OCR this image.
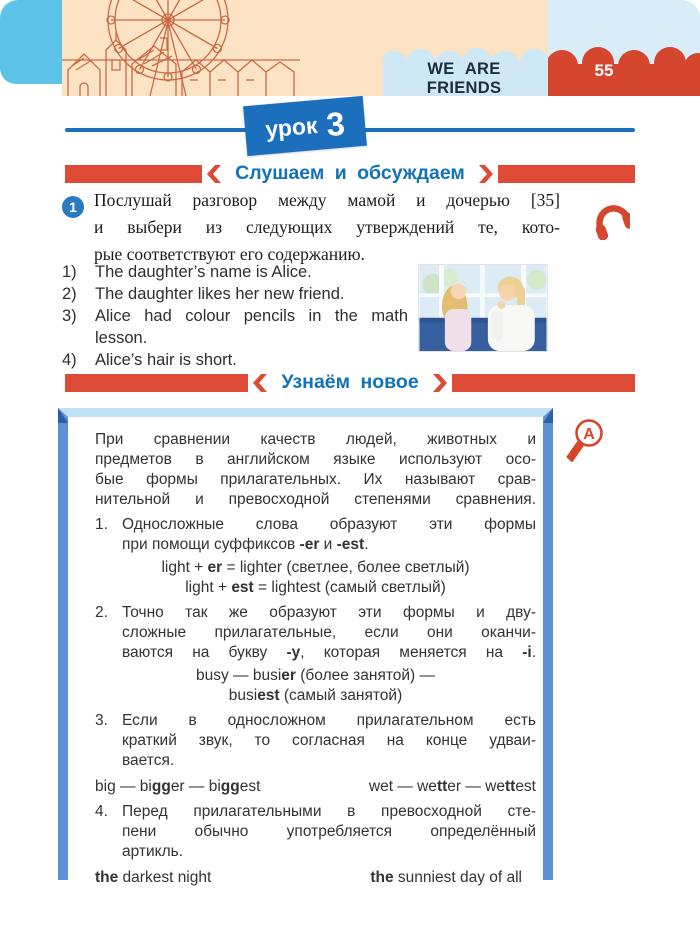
WE ARE FRIENDS
55
урок 3
Слушаем и обсуждаем
1 Послушай разговор между мамой и дочерью [35]
и выбери из следующих утверждений те, кото-
рые соответствуют его содержанию.
1)	The daughter’s name is Alice.
2)	The daughter likes her new friend.
3)	Alice had colour pencils in the math
lesson.
4)	Alice’s hair is short.
Узнаём новое
A
При сравнении качеств людей, животных и
предметов в английском языке используют осо-
бые формы прилагательных. Их называют срав-
нительной и превосходной степенями сравнения.
1. Односложные слова образуют эти формы
при помощи суффиксов -er и -est.
light + er = lighter (светлее, более светлый)
light + est = lightest (самый светлый)
2. Точно так же образуют эти формы и дву-
сложные прилагательные, если они оканчи-
ваются на букву -y, которая меняется на -i.
busy — busier (более занятой) —
busiest (самый занятой)
3. Если в односложном прилагательном есть
краткий звук, то согласная на конце удваи-
вается.
big — bigger — biggest	wet — wetter — wettest
4. Перед прилагательными в превосходной сте-
пени обычно употребляется определённый
артикль.
the darkest night	the sunniest day of all
